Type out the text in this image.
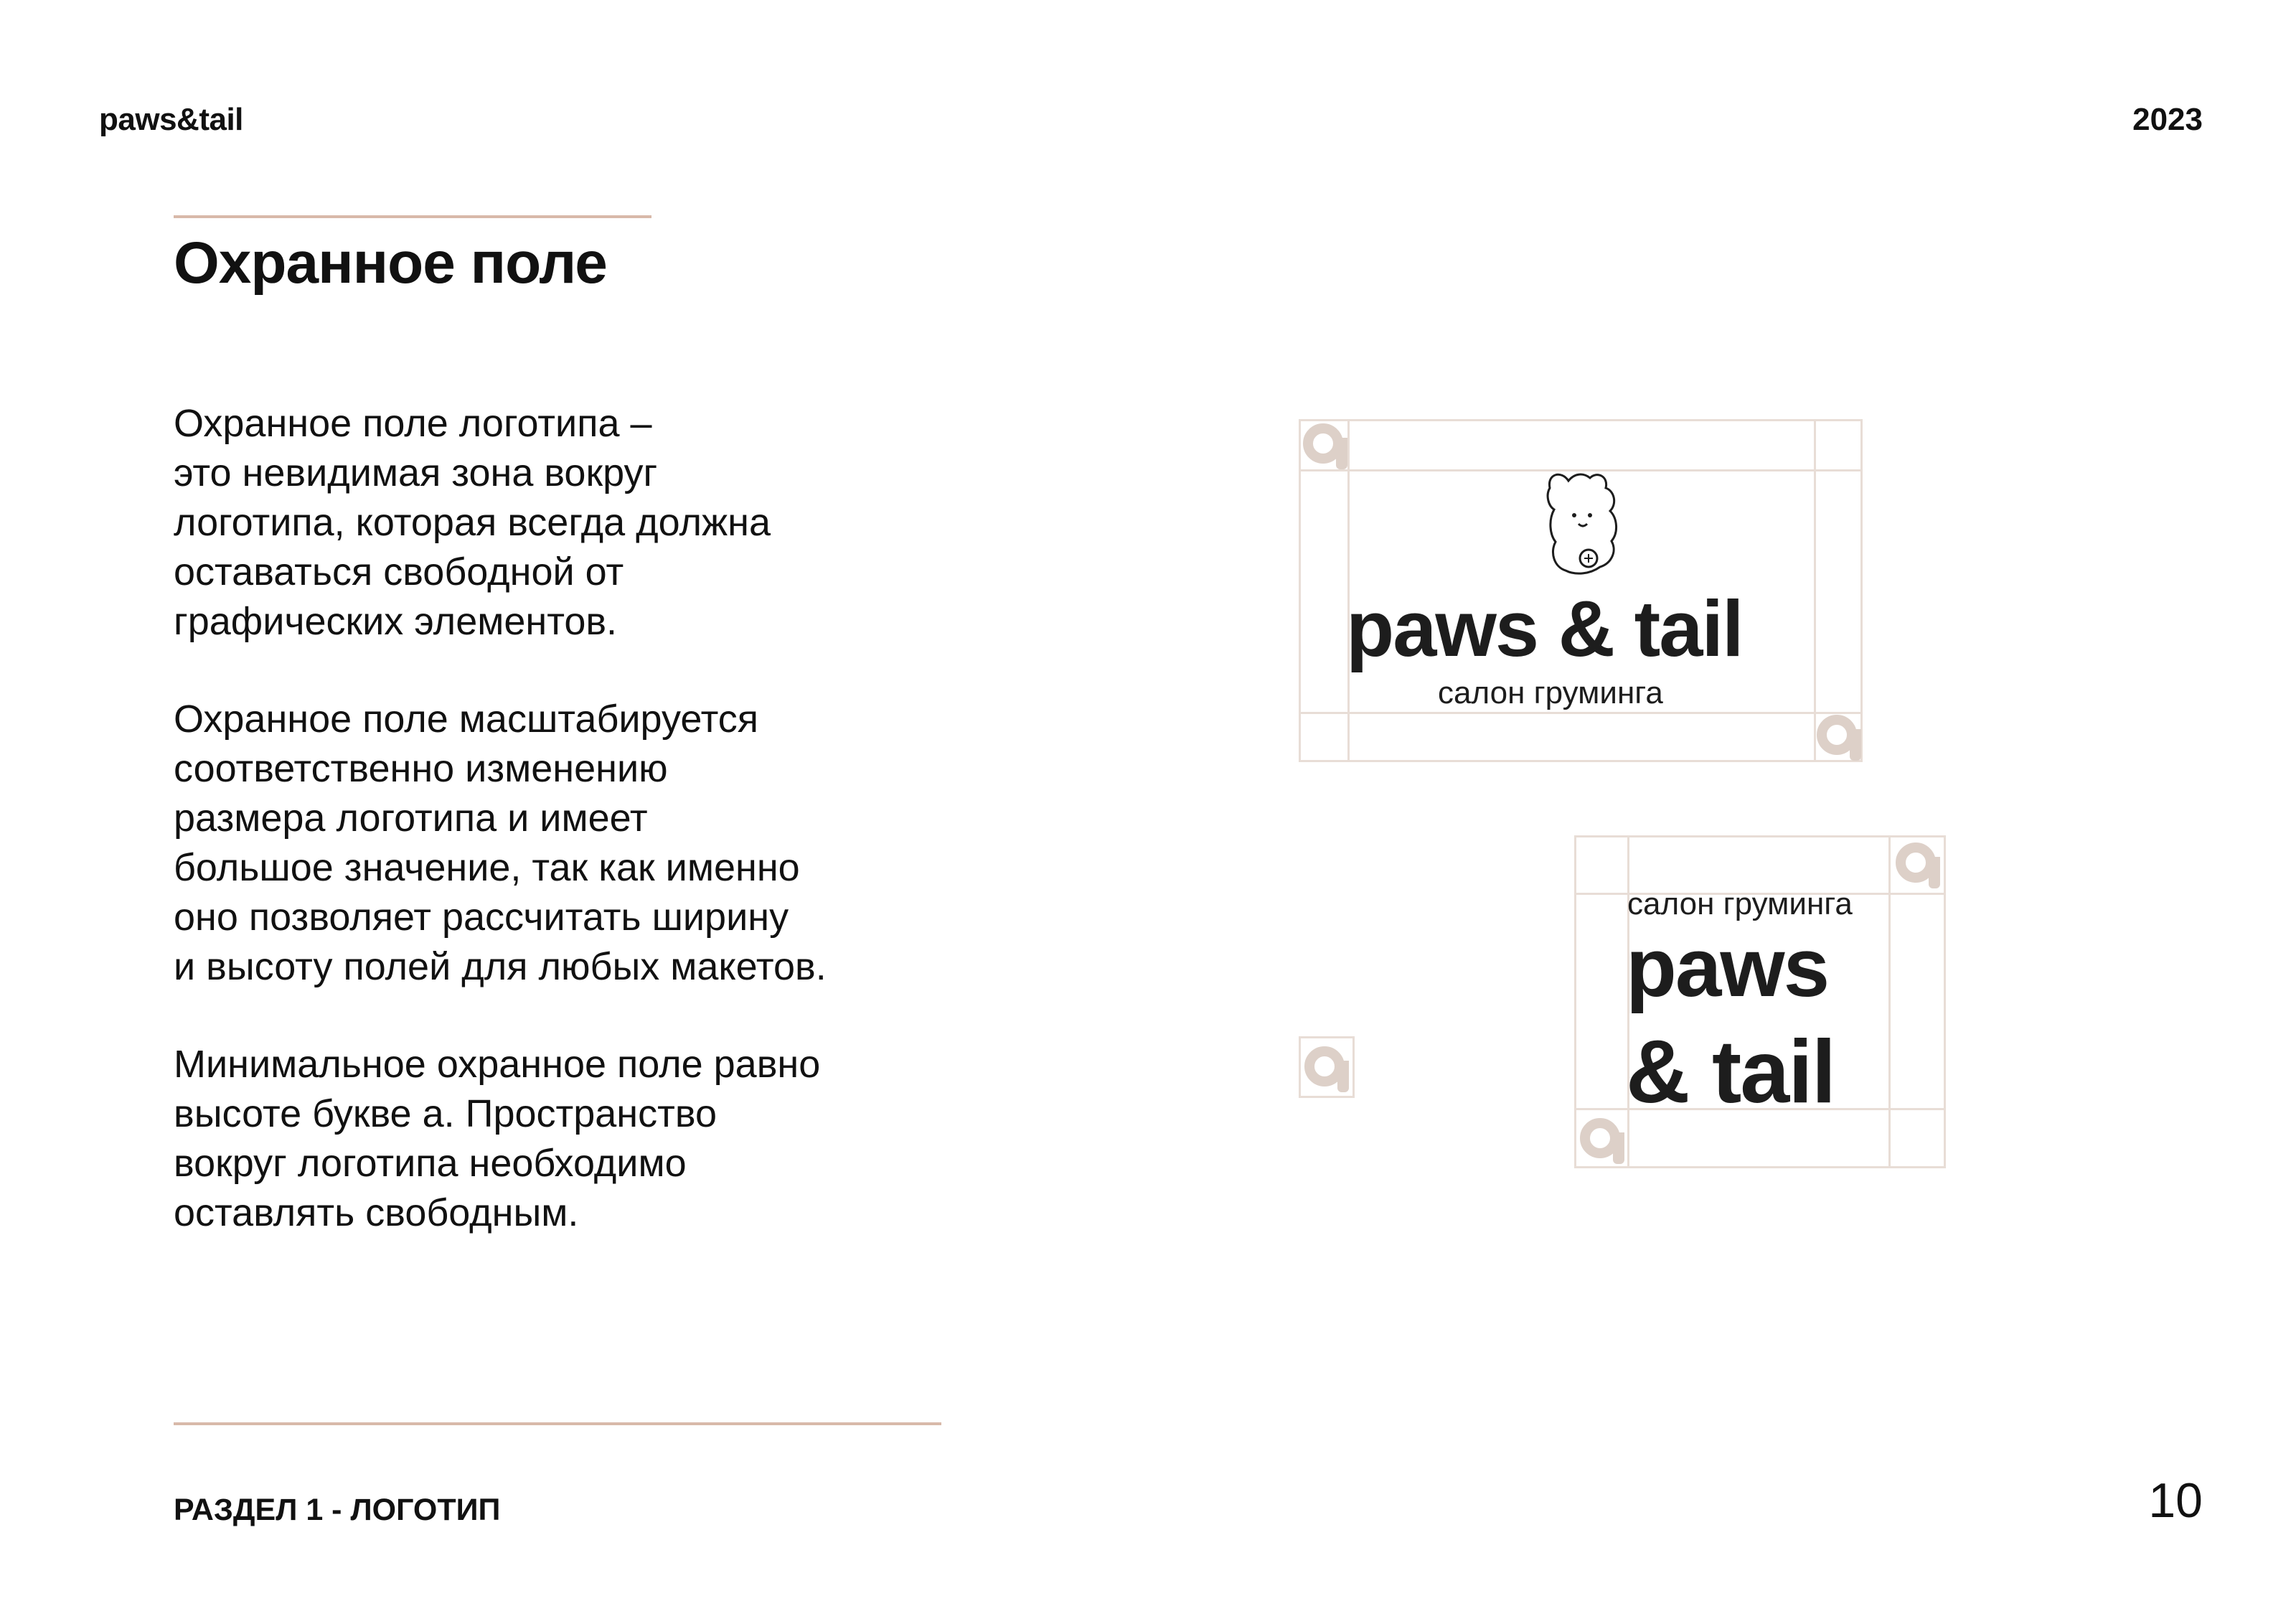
paws&tail	2023
Охранное поле

Охранное поле логотипа –
это невидимая зона вокруг
логотипа, которая всегда должна
оставаться свободной от
графических элементов.

Охранное поле масштабируется
соответственно изменению
размера логотипа и имеет
большое значение, так как именно
оно позволяет рассчитать ширину
и высоту полей для любых макетов.

Минимальное охранное поле равно
высоте букве а. Пространство
вокруг логотипа необходимо
оставлять свободным.

paws & tail
салон груминга
салон груминга
paws
& tail
РАЗДЕЛ 1 - ЛОГОТИП	10
